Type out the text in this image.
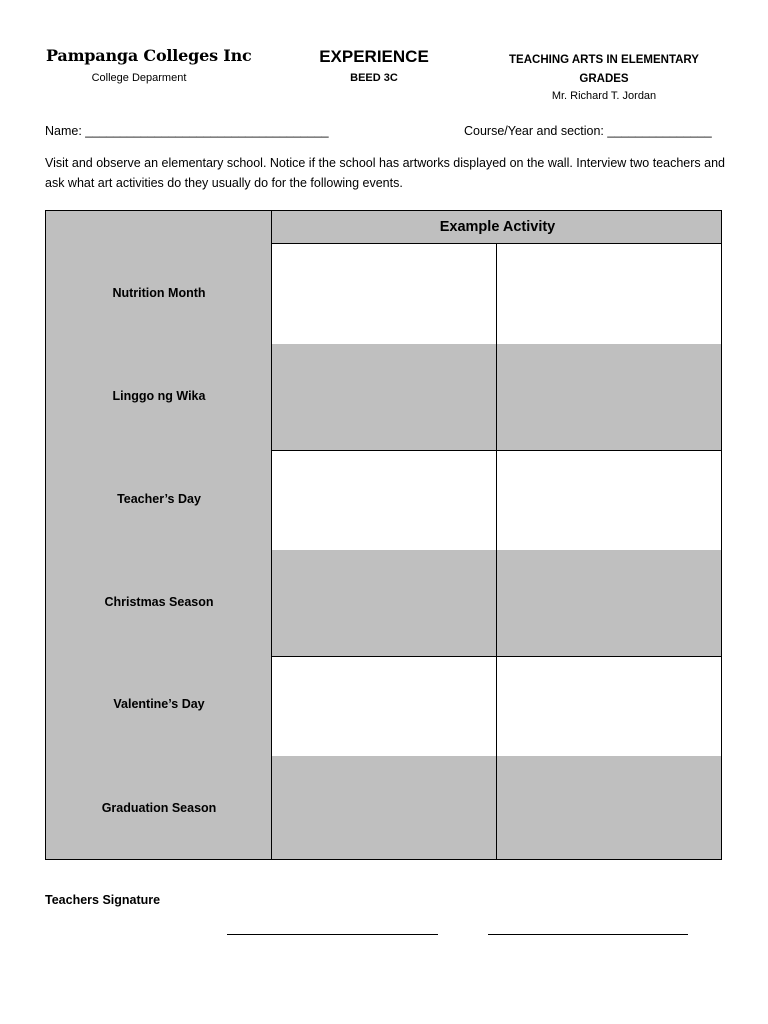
Pampanga Colleges Inc
College Deparment
EXPERIENCE
BEED 3C
TEACHING ARTS IN ELEMENTARY GRADES
Mr. Richard T. Jordan
Name: ___________________________________	Course/Year and section: _______________
Visit and observe an elementary school. Notice if the school has artworks displayed on the wall. Interview two teachers and ask what art activities do they usually do for the following events.
Example Activity
Nutrition Month
Linggo ng Wika
Teacher’s Day
Christmas Season
Valentine’s Day
Graduation Season
Teachers Signature
